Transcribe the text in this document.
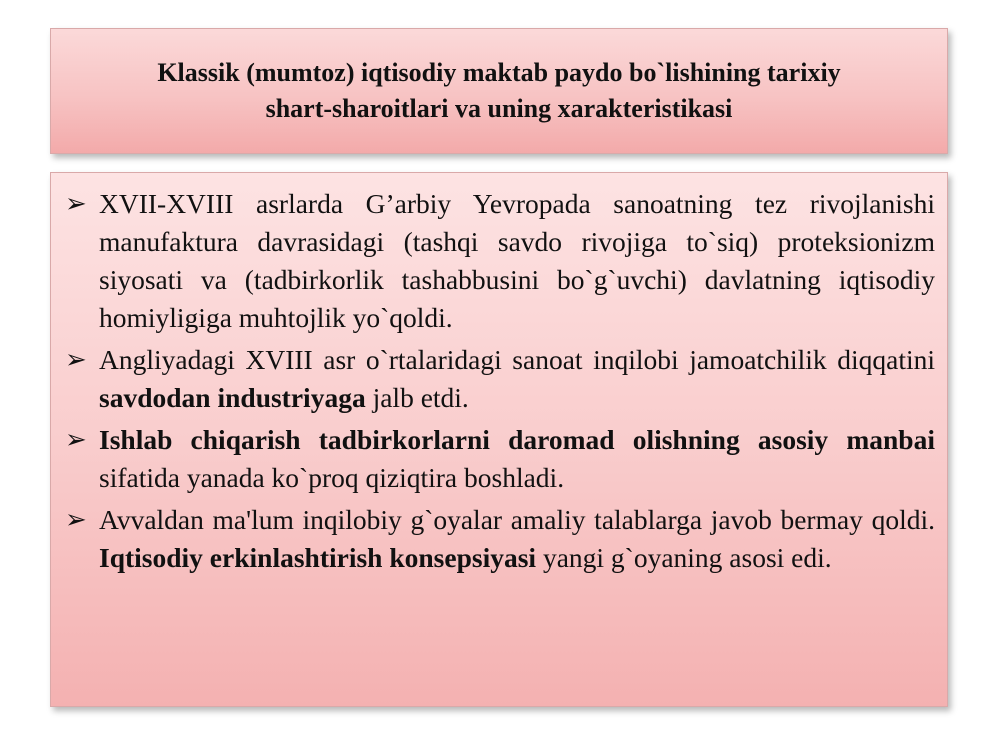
Klassik (mumtoz) iqtisodiy maktab paydo bo`lishining tarixiy
shart-sharoitlari va uning xarakteristikasi
➢ XVII-XVIII asrlarda G’arbiy Yevropada sanoatning tez rivojlanishi manufaktura davrasidagi (tashqi savdo rivojiga to`siq) proteksionizm siyosati va (tadbirkorlik tashabbusini bo`g`uvchi) davlatning iqtisodiy homiyligiga muhtojlik yo`qoldi.
➢ Angliyadagi XVIII asr o`rtalaridagi sanoat inqilobi jamoatchilik diqqatini savdodan industriyaga jalb etdi.
➢ Ishlab chiqarish tadbirkorlarni daromad olishning asosiy manbai sifatida yanada ko`proq qiziqtira boshladi.
➢ Avvaldan ma'lum inqilobiy g`oyalar amaliy talablarga javob bermay qoldi. Iqtisodiy erkinlashtirish konsepsiyasi yangi g`oyaning asosi edi.
